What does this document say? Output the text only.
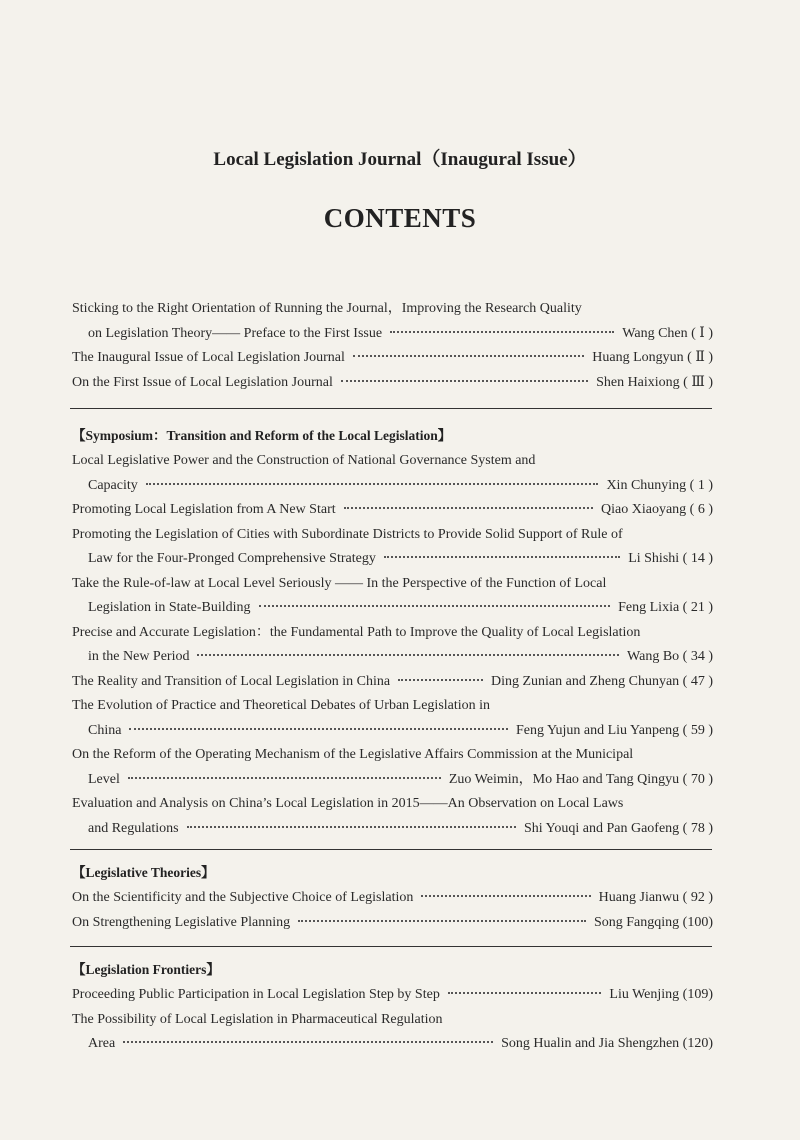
Local Legislation Journal（Inaugural Issue）
CONTENTS
Sticking to the Right Orientation of Running the Journal，Improving the Research Quality
on Legislation Theory—— Preface to the First Issue	Wang Chen ( Ⅰ )
The Inaugural Issue of Local Legislation Journal	Huang Longyun ( Ⅱ )
On the First Issue of Local Legislation Journal	Shen Haixiong ( Ⅲ )
【Symposium：Transition and Reform of the Local Legislation】
Local Legislative Power and the Construction of National Governance System and
Capacity	Xin Chunying ( 1 )
Promoting Local Legislation from A New Start	Qiao Xiaoyang ( 6 )
Promoting the Legislation of Cities with Subordinate Districts to Provide Solid Support of Rule of
Law for the Four-Pronged Comprehensive Strategy	Li Shishi ( 14 )
Take the Rule-of-law at Local Level Seriously —— In the Perspective of the Function of Local
Legislation in State-Building	Feng Lixia ( 21 )
Precise and Accurate Legislation：the Fundamental Path to Improve the Quality of Local Legislation
in the New Period	Wang Bo ( 34 )
The Reality and Transition of Local Legislation in China	Ding Zunian and Zheng Chunyan ( 47 )
The Evolution of Practice and Theoretical Debates of Urban Legislation in
China	Feng Yujun and Liu Yanpeng ( 59 )
On the Reform of the Operating Mechanism of the Legislative Affairs Commission at the Municipal
Level	Zuo Weimin，Mo Hao and Tang Qingyu ( 70 )
Evaluation and Analysis on China’s Local Legislation in 2015——An Observation on Local Laws
and Regulations	Shi Youqi and Pan Gaofeng ( 78 )
【Legislative Theories】
On the Scientificity and the Subjective Choice of Legislation	Huang Jianwu ( 92 )
On Strengthening Legislative Planning	Song Fangqing (100)
【Legislation Frontiers】
Proceeding Public Participation in Local Legislation Step by Step	Liu Wenjing (109)
The Possibility of Local Legislation in Pharmaceutical Regulation
Area	Song Hualin and Jia Shengzhen (120)
